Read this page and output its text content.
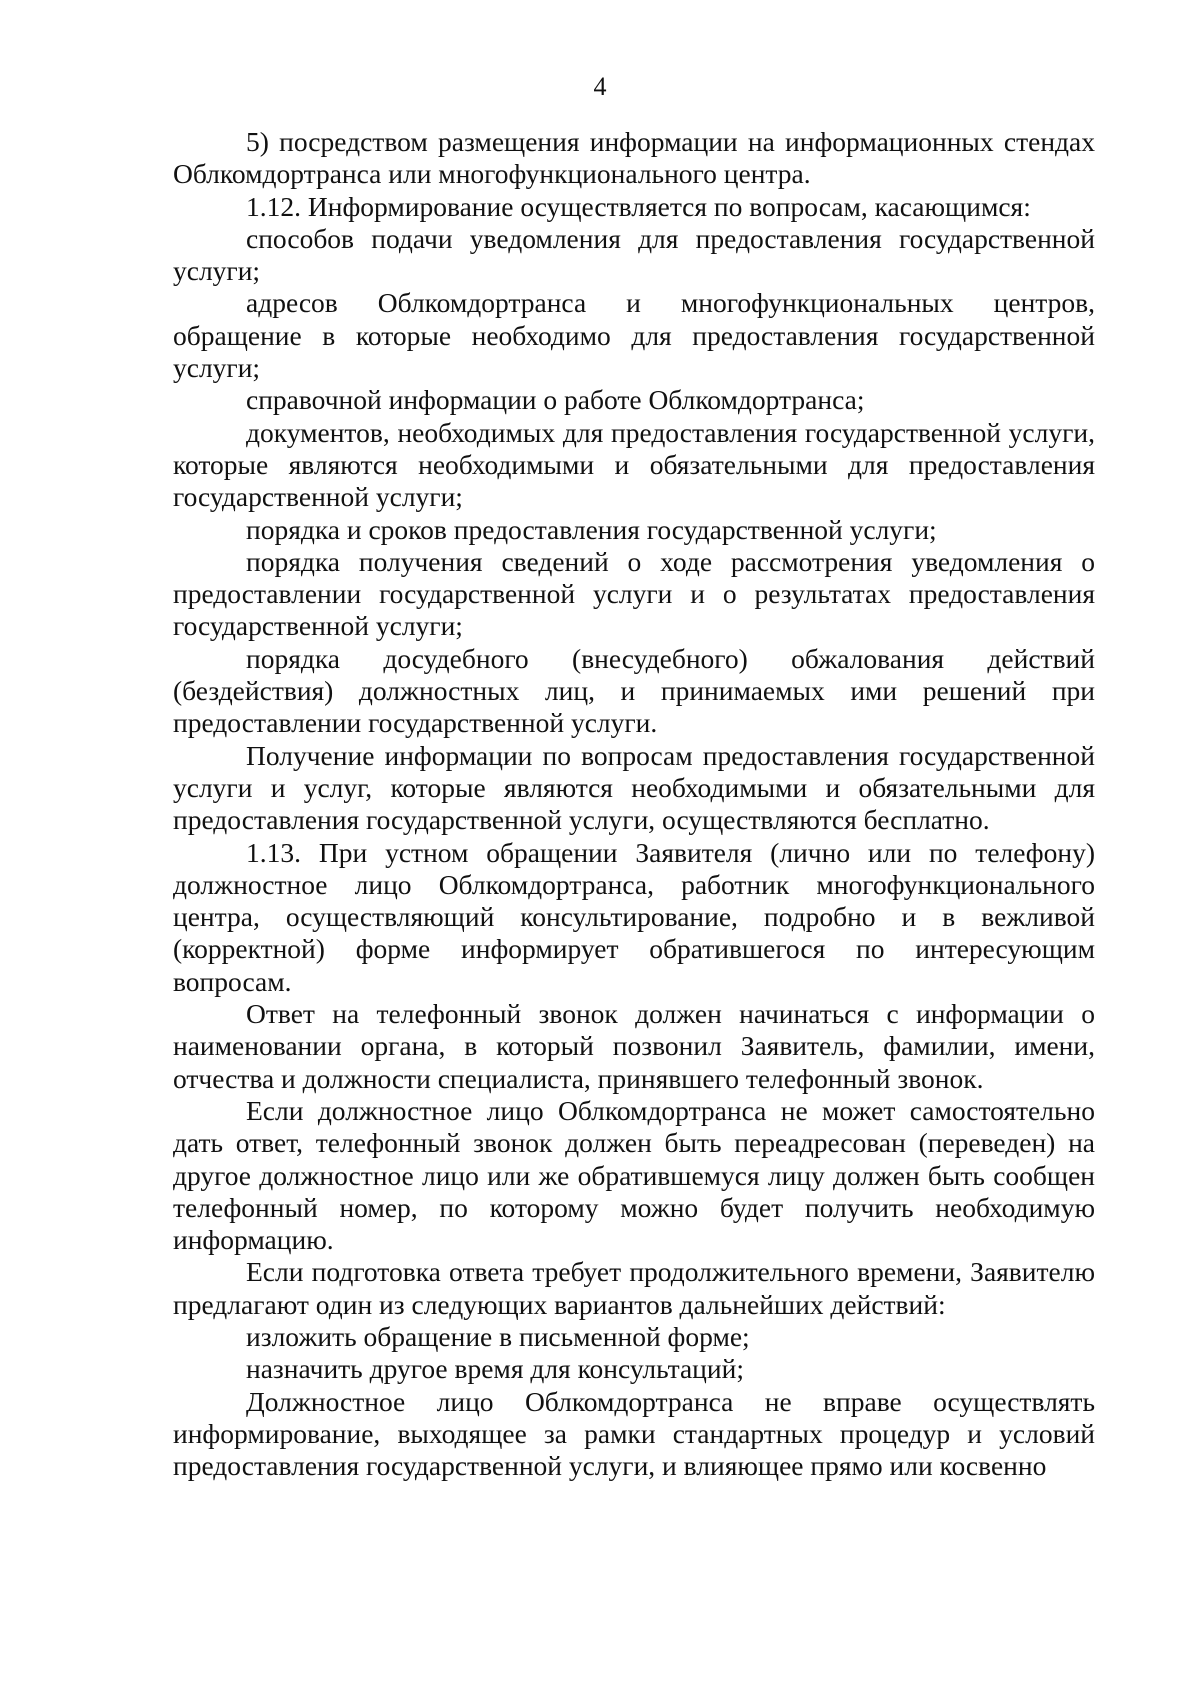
4

5) посредством размещения информации на информационных стендах Облкомдортранса или многофункционального центра.

1.12. Информирование осуществляется по вопросам, касающимся:

способов подачи уведомления для предоставления государственной услуги;

адресов Облкомдортранса и многофункциональных центров, обращение в которые необходимо для предоставления государственной услуги;

справочной информации о работе Облкомдортранса;

документов, необходимых для предоставления государственной услуги, которые являются необходимыми и обязательными для предоставления государственной услуги;

порядка и сроков предоставления государственной услуги;

порядка получения сведений о ходе рассмотрения уведомления о предоставлении государственной услуги и о результатах предоставления государственной услуги;

порядка досудебного (внесудебного) обжалования действий (бездействия) должностных лиц, и принимаемых ими решений при предоставлении государственной услуги.

Получение информации по вопросам предоставления государственной услуги и услуг, которые являются необходимыми и обязательными для предоставления государственной услуги, осуществляются бесплатно.

1.13. При устном обращении Заявителя (лично или по телефону) должностное лицо Облкомдортранса, работник многофункционального центра, осуществляющий консультирование, подробно и в вежливой (корректной) форме информирует обратившегося по интересующим вопросам.

Ответ на телефонный звонок должен начинаться с информации о наименовании органа, в который позвонил Заявитель, фамилии, имени, отчества и должности специалиста, принявшего телефонный звонок.

Если должностное лицо Облкомдортранса не может самостоятельно дать ответ, телефонный звонок должен быть переадресован (переведен) на другое должностное лицо или же обратившемуся лицу должен быть сообщен телефонный номер, по которому можно будет получить необходимую информацию.

Если подготовка ответа требует продолжительного времени, Заявителю предлагают один из следующих вариантов дальнейших действий:

изложить обращение в письменной форме;

назначить другое время для консультаций;

Должностное лицо Облкомдортранса не вправе осуществлять информирование, выходящее за рамки стандартных процедур и условий предоставления государственной услуги, и влияющее прямо или косвенно
